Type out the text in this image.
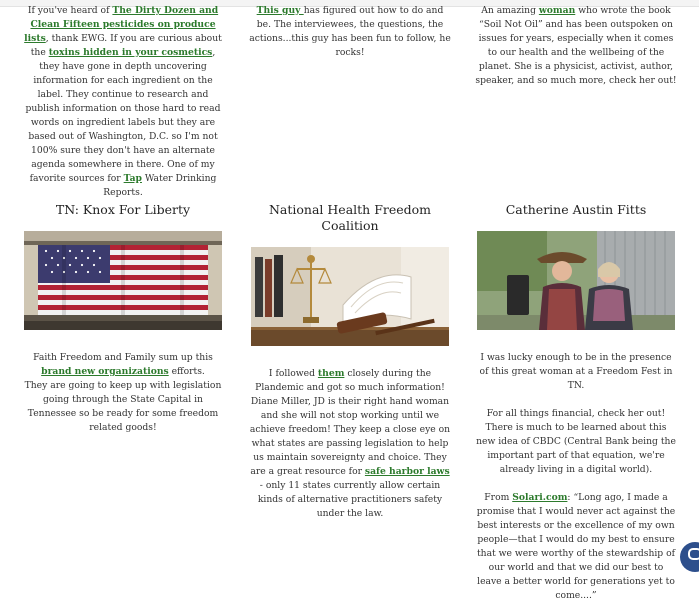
If you've heard of The Dirty Dozen and Clean Fifteen pesticides on produce lists, thank EWG. If you are curious about the toxins hidden in your cosmetics, they have gone in depth uncovering information for each ingredient on the label. They continue to research and publish information on those hard to read words on ingredient labels but they are based out of Washington, D.C. so I'm not 100% sure they don't have an alternate agenda somewhere in there. One of my favorite sources for Tap Water Drinking Reports.

This guy has figured out how to do and be. The interviewees, the questions, the actions...this guy has been fun to follow, he rocks!

An amazing woman who wrote the book “Soil Not Oil” and has been outspoken on issues for years, especially when it comes to our health and the wellbeing of the planet. She is a physicist, activist, author, speaker, and so much more, check her out!

TN: Knox For Liberty

Faith Freedom and Family sum up this brand new organizations efforts.

They are going to keep up with legislation going through the State Capital in Tennessee so be ready for some freedom related goods!

National Health Freedom Coalition

I followed them closely during the Plandemic and got so much information! Diane Miller, JD is their right hand woman and she will not stop working until we achieve freedom! They keep a close eye on what states are passing legislation to help us maintain sovereignty and choice. They are a great resource for safe harbor laws - only 11 states currently allow certain kinds of alternative practitioners safety under the law.

Catherine Austin Fitts

I was lucky enough to be in the presence of this great woman at a Freedom Fest in TN.

For all things financial, check her out! There is much to be learned about this new idea of CBDC (Central Bank being the important part of that equation, we're already living in a digital world).

From Solari.com: “Long ago, I made a promise that I would never act against the best interests or the excellence of my own people—that I would do my best to ensure that we were worthy of the stewardship of our world and that we did our best to leave a better world for generations yet to come....”
